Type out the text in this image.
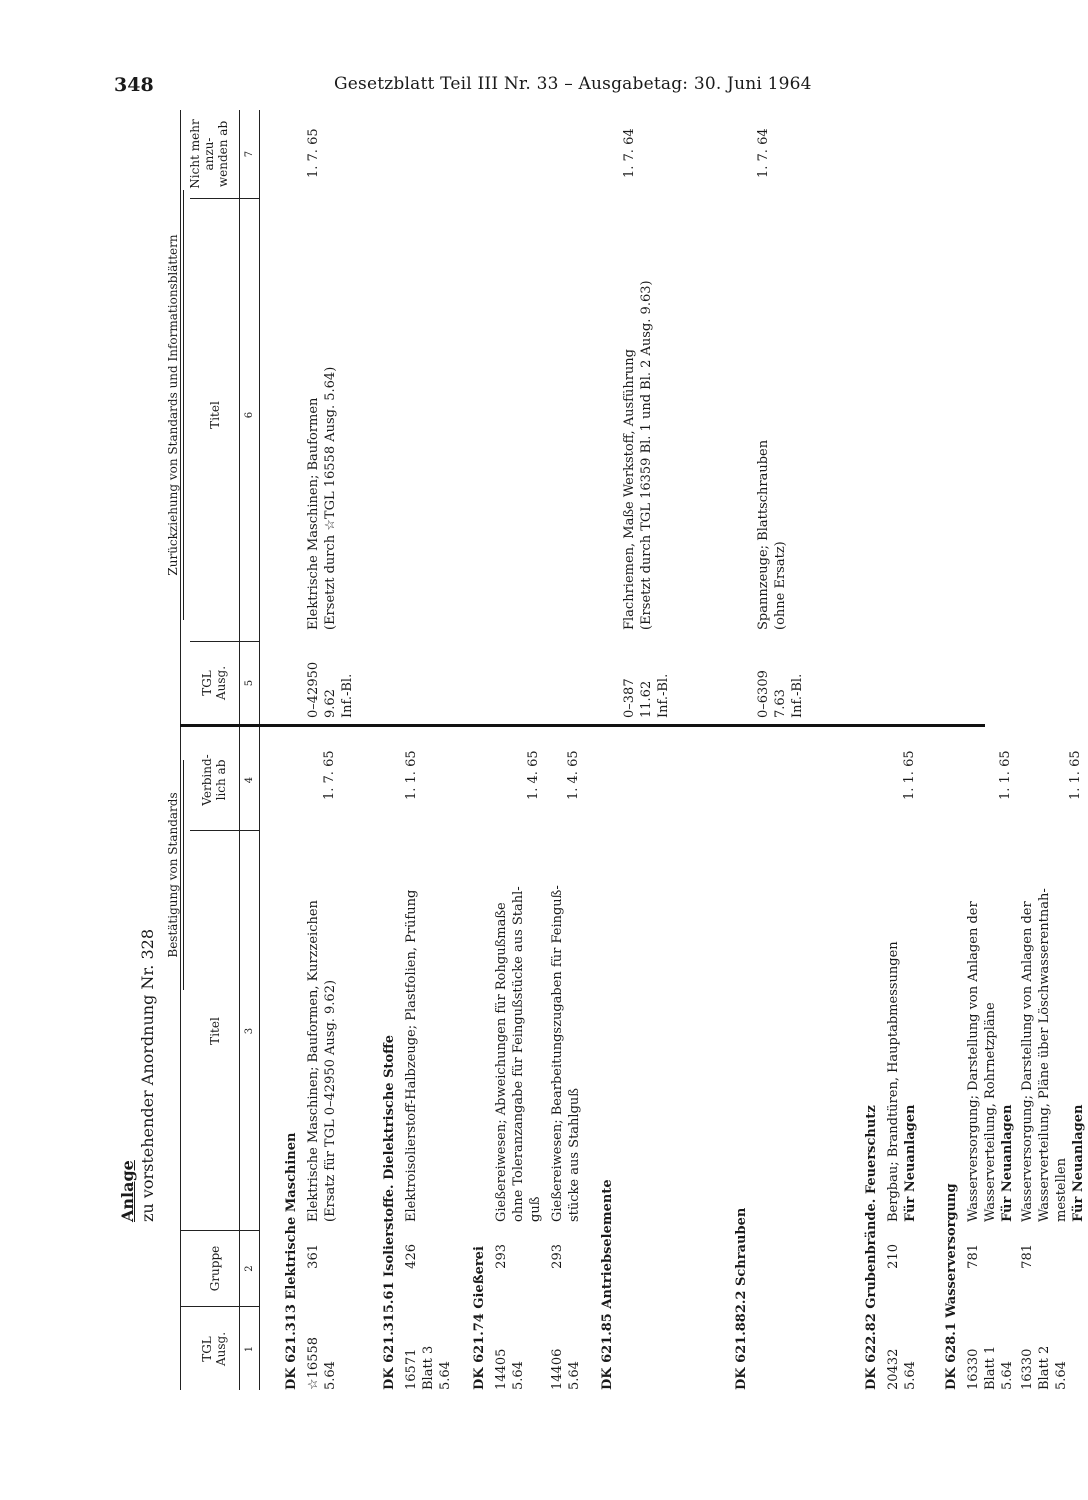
348	Gesetzblatt Teil III Nr. 33 – Ausgabetag: 30. Juni 1964
Anlage zu vorstehender Anordnung Nr. 328
Bestätigung von Standards
Zurückziehung von Standards und Informationsblättern
TGL Ausg.
Gruppe
Titel
Verbind- lich ab
TGL Ausg.
Titel
Nicht mehr anzu- wenden ab
1
2
3
4
5
6
7
DK 621.313 Elektrische Maschinen ☆16558 5.64
361
Elektrische Maschinen; Bauformen, Kurzzeichen (Ersatz für TGL 0–42950 Ausg. 9.62)
1. 7. 65
0–42950 9.62 Inf.-Bl.
Elektrische Maschinen; Bauformen (Ersetzt durch ☆TGL 16558 Ausg. 5.64)
1. 7. 65
DK 621.315.61 Isolierstoffe. Dielektrische Stoffe 16571 Blatt 3 5.64
426
Elektroisolierstoff-Halbzeuge; Plastfolien, Prüfung
1. 1. 65
DK 621.74 Gießerei 14405 5.64
293
Gießereiwesen; Abweichungen für Rohgußmaße ohne Toleranzangabe für Feingußstücke aus Stahl- guß
1. 4. 65
14406 5.64
293
Gießereiwesen; Bearbeitungszugaben für Feinguß- stücke aus Stahlguß
1. 4. 65
DK 621.85 Antriebselemente
0–387 11.62 Inf.-Bl.
Flachriemen, Maße Werkstoff, Ausführung (Ersetzt durch TGL 16359 Bl. 1 und Bl. 2 Ausg. 9.63)
1. 7. 64
DK 621.882.2 Schrauben
0–6309 7.63 Inf.-Bl.
Spannzeuge; Blattschrauben (ohne Ersatz)
1. 7. 64
DK 622.82 Grubenbrände. Feuerschutz 20432 5.64
210
Bergbau; Brandtüren, Hauptabmessungen Für Neuanlagen
1. 1. 65
DK 628.1 Wasserversorgung 16330 Blatt 1 5.64
781
Wasserversorgung; Darstellung von Anlagen der Wasserverteilung, Rohrnetzpläne Für Neuanlagen
1. 1. 65
16330 Blatt 2 5.64
781
Wasserversorgung; Darstellung von Anlagen der Wasserverteilung, Pläne über Löschwasserentnah- mestellen Für Neuanlagen
1. 1. 65
